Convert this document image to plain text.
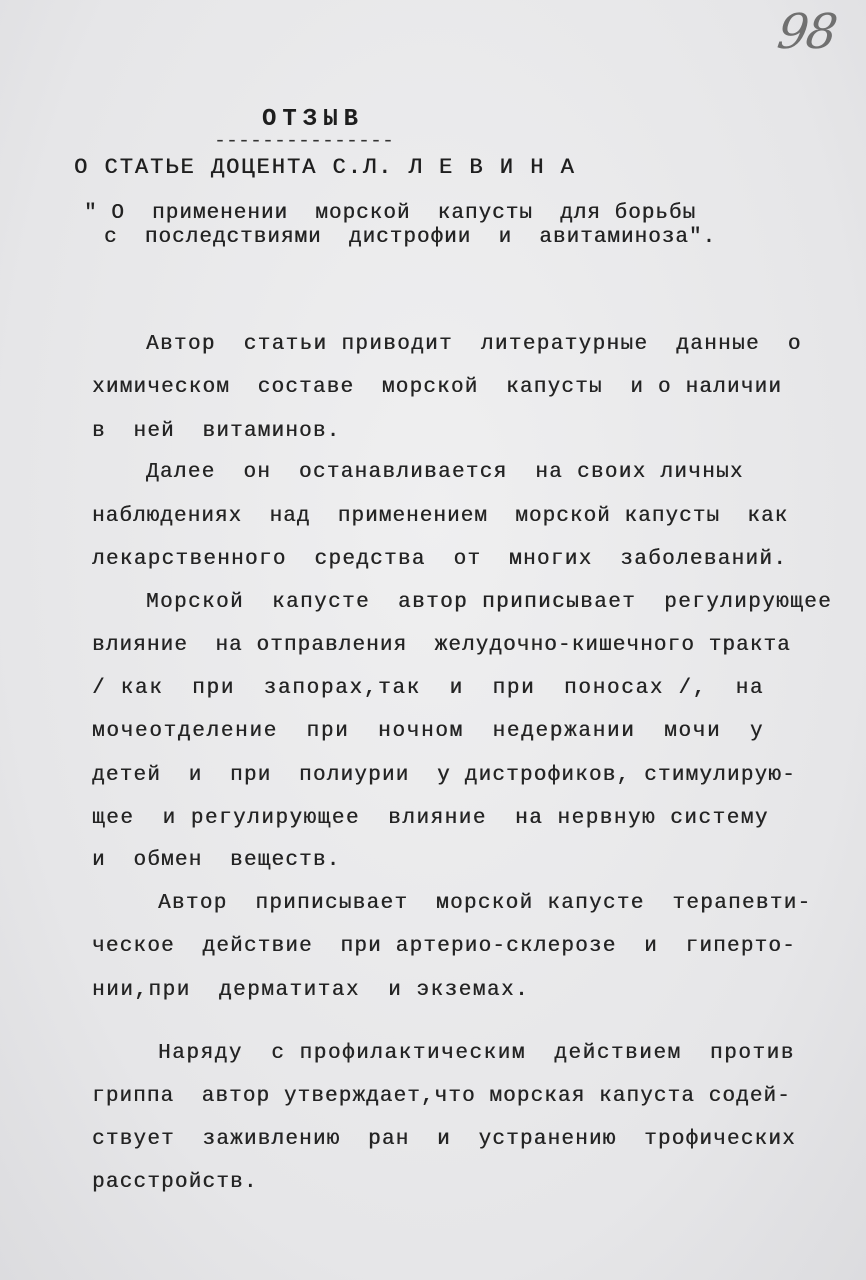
98
ОТЗЫВ
---------------
О СТАТЬЕ ДОЦЕНТА С.Л. Л Е В И Н А
" О  применении  морской  капусты  для борьбы
с  последствиями  дистрофии  и  авитаминоза".
Автор  статьи приводит  литературные  данные  о
химическом  составе  морской  капусты  и о наличии
в  ней  витаминов.
Далее  он  останавливается  на своих личных
наблюдениях  над  применением  морской капусты  как
лекарственного  средства  от  многих  заболеваний.
Морской  капусте  автор приписывает  регулирующее
влияние  на отправления  желудочно-кишечного тракта
/ как  при  запорах,так  и  при  поносах /,  на
мочеотделение  при  ночном  недержании  мочи  у
детей  и  при  полиурии  у дистрофиков, стимулирую-
щее  и регулирующее  влияние  на нервную систему
и  обмен  веществ.
Автор  приписывает  морской капусте  терапевти-
ческое  действие  при артерио-склерозе  и  гиперто-
нии,при  дерматитах  и экземах.
Наряду  с профилактическим  действием  против
гриппа  автор утверждает,что морская капуста содей-
ствует  заживлению  ран  и  устранению  трофических
расстройств.
